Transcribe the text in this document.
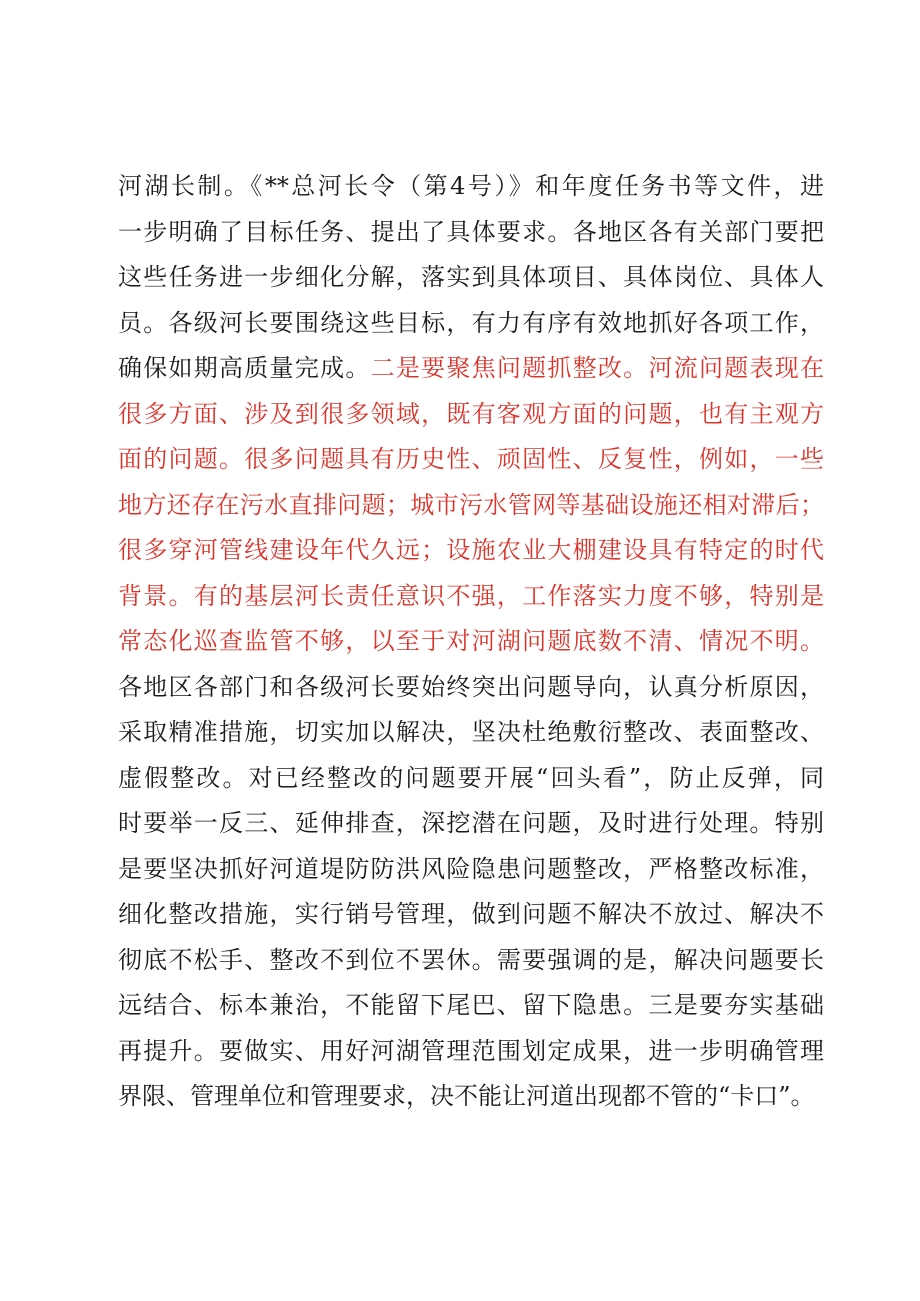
河湖长制。《**总河长令（第4号）》和年度任务书等文件，进
一步明确了目标任务、提出了具体要求。各地区各有关部门要把
这些任务进一步细化分解，落实到具体项目、具体岗位、具体人
员。各级河长要围绕这些目标，有力有序有效地抓好各项工作，
确保如期高质量完成。二是要聚焦问题抓整改。河流问题表现在
很多方面、涉及到很多领域，既有客观方面的问题，也有主观方
面的问题。很多问题具有历史性、顽固性、反复性，例如，一些
地方还存在污水直排问题；城市污水管网等基础设施还相对滞后；
很多穿河管线建设年代久远；设施农业大棚建设具有特定的时代
背景。有的基层河长责任意识不强，工作落实力度不够，特别是
常态化巡查监管不够，以至于对河湖问题底数不清、情况不明。
各地区各部门和各级河长要始终突出问题导向，认真分析原因，
采取精准措施，切实加以解决，坚决杜绝敷衍整改、表面整改、
虚假整改。对已经整改的问题要开展“回头看”，防止反弹，同
时要举一反三、延伸排查，深挖潜在问题，及时进行处理。特别
是要坚决抓好河道堤防防洪风险隐患问题整改，严格整改标准，
细化整改措施，实行销号管理，做到问题不解决不放过、解决不
彻底不松手、整改不到位不罢休。需要强调的是，解决问题要长
远结合、标本兼治，不能留下尾巴、留下隐患。三是要夯实基础
再提升。要做实、用好河湖管理范围划定成果，进一步明确管理
界限、管理单位和管理要求，决不能让河道出现都不管的“卡口”。
